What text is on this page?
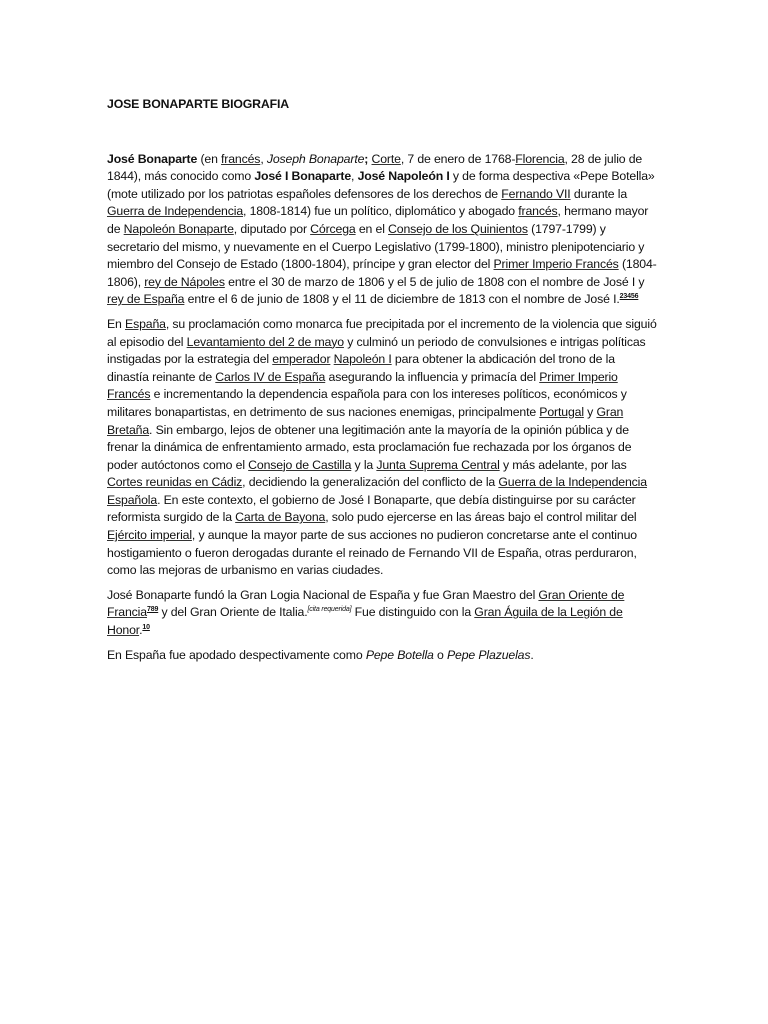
JOSE BONAPARTE BIOGRAFIA

José Bonaparte (en francés, Joseph Bonaparte; Corte, 7 de enero de 1768-Florencia, 28 de julio de 1844), más conocido como José I Bonaparte, José Napoleón I y de forma despectiva «Pepe Botella» (mote utilizado por los patriotas españoles defensores de los derechos de Fernando VII durante la Guerra de Independencia, 1808-1814) fue un político, diplomático y abogado francés, hermano mayor de Napoleón Bonaparte, diputado por Córcega en el Consejo de los Quinientos (1797-1799) y secretario del mismo, y nuevamente en el Cuerpo Legislativo (1799-1800), ministro plenipotenciario y miembro del Consejo de Estado (1800-1804), príncipe y gran elector del Primer Imperio Francés (1804-1806), rey de Nápoles entre el 30 de marzo de 1806 y el 5 de julio de 1808 con el nombre de José I y rey de España entre el 6 de junio de 1808 y el 11 de diciembre de 1813 con el nombre de José I.$^{23456}$

En España, su proclamación como monarca fue precipitada por el incremento de la violencia que siguió al episodio del Levantamiento del 2 de mayo y culminó un periodo de convulsiones e intrigas políticas instigadas por la estrategia del emperador Napoleón I para obtener la abdicación del trono de la dinastía reinante de Carlos IV de España asegurando la influencia y primacía del Primer Imperio Francés e incrementando la dependencia española para con los intereses políticos, económicos y militares bonapartistas, en detrimento de sus naciones enemigas, principalmente Portugal y Gran Bretaña. Sin embargo, lejos de obtener una legitimación ante la mayoría de la opinión pública y de frenar la dinámica de enfrentamiento armado, esta proclamación fue rechazada por los órganos de poder autóctonos como el Consejo de Castilla y la Junta Suprema Central y más adelante, por las Cortes reunidas en Cádiz, decidiendo la generalización del conflicto de la Guerra de la Independencia Española. En este contexto, el gobierno de José I Bonaparte, que debía distinguirse por su carácter reformista surgido de la Carta de Bayona, solo pudo ejercerse en las áreas bajo el control militar del Ejército imperial, y aunque la mayor parte de sus acciones no pudieron concretarse ante el continuo hostigamiento o fueron derogadas durante el reinado de Fernando VII de España, otras perduraron, como las mejoras de urbanismo en varias ciudades.

José Bonaparte fundó la Gran Logia Nacional de España y fue Gran Maestro del Gran Oriente de Francia$^{789}$ y del Gran Oriente de Italia.[cita requerida] Fue distinguido con la Gran Águila de la Legión de Honor.$^{10}$

En España fue apodado despectivamente como Pepe Botella o Pepe Plazuelas.
